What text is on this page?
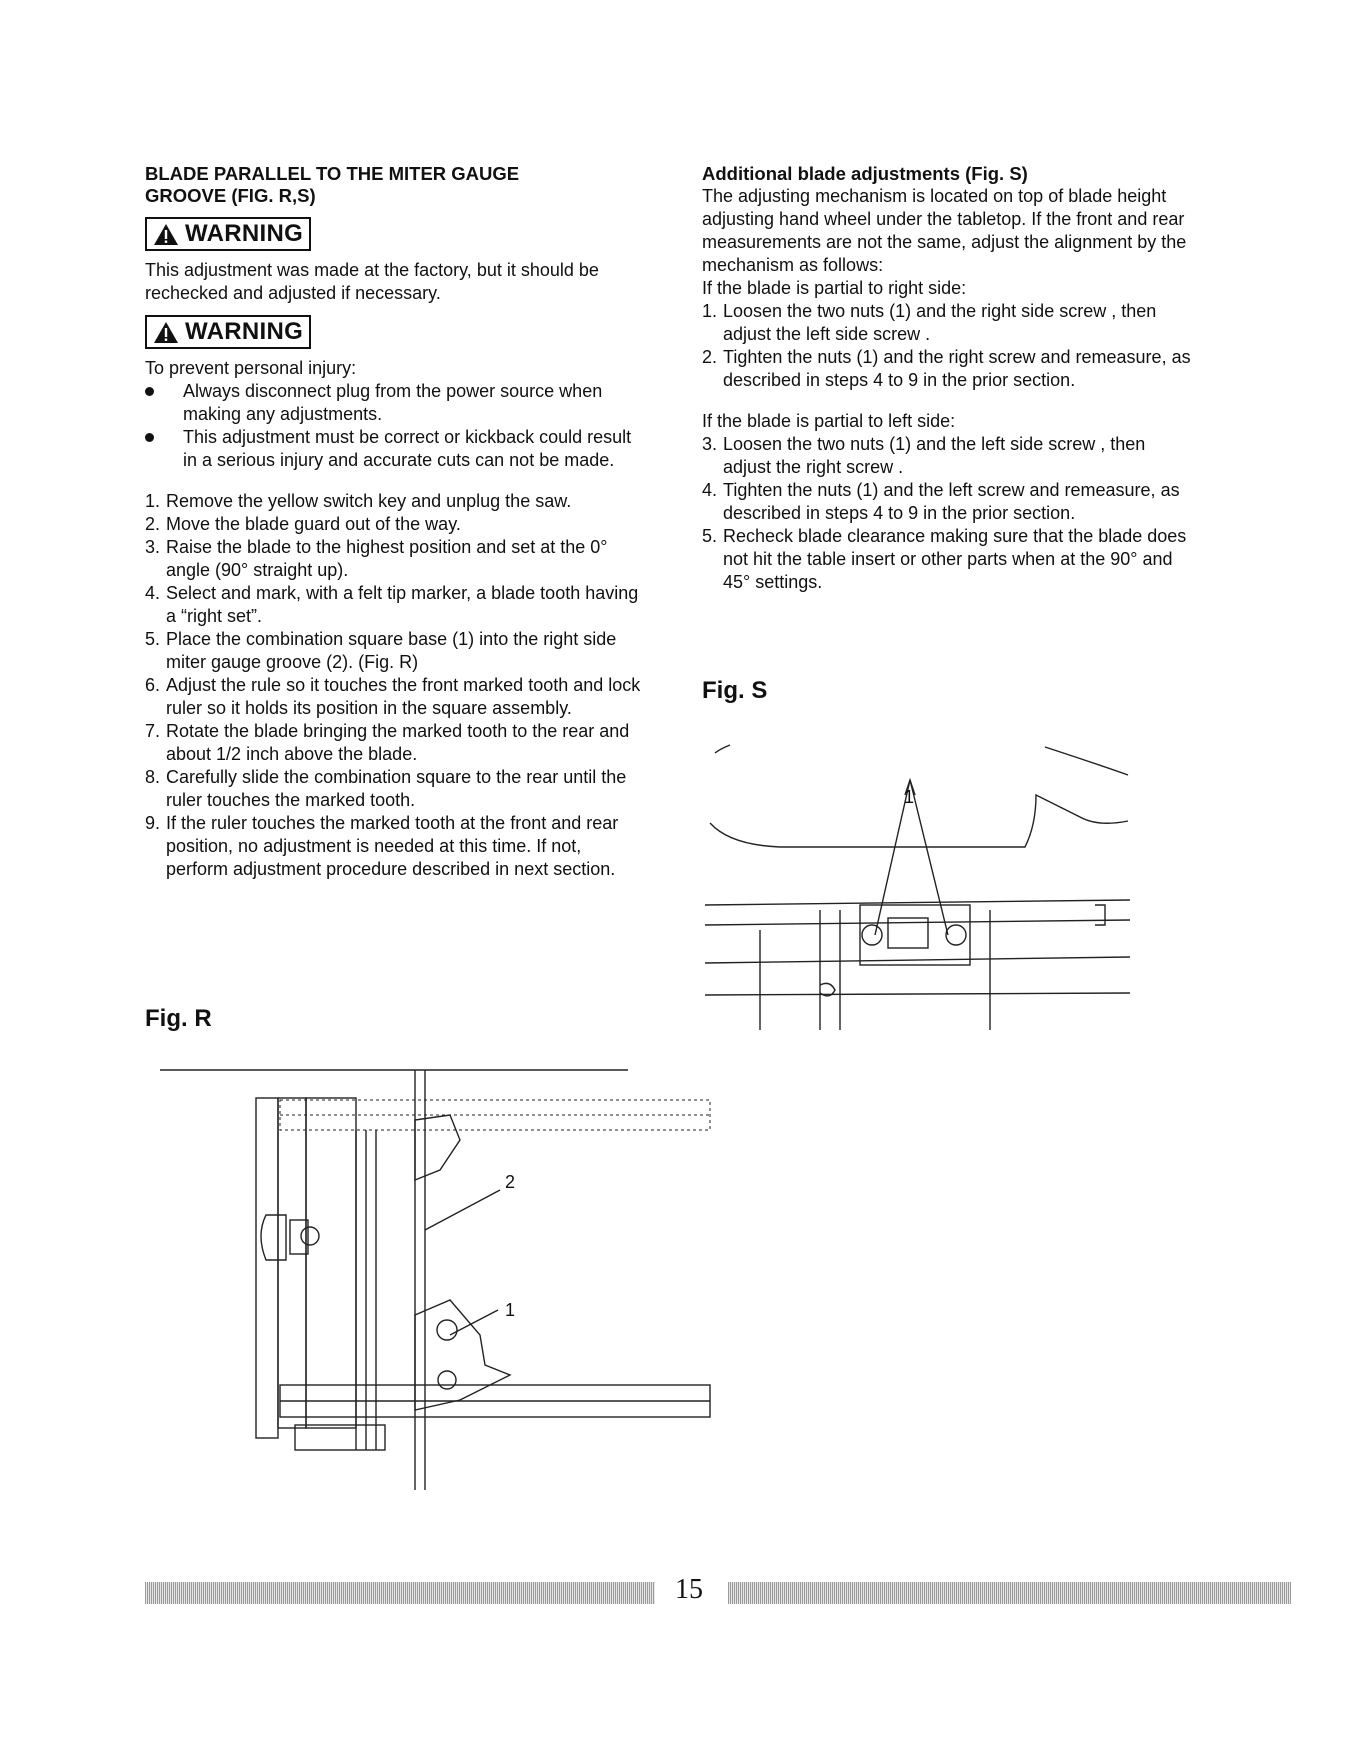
BLADE PARALLEL TO THE MITER GAUGE
GROOVE (FIG. R,S)

WARNING

This adjustment was made at the factory, but it should be rechecked and adjusted if necessary.

WARNING

To prevent personal injury:

Always disconnect plug from the power source when making any adjustments.
This adjustment must be correct or kickback could result in a serious injury and accurate cuts can not be made.
1. Remove the yellow switch key and unplug the saw.
2. Move the blade guard out of the way.
3. Raise the blade to the highest position and set at the 0° angle (90° straight up).
4. Select and mark, with a felt tip marker, a blade tooth having a “right set”.
5. Place the combination square base (1) into the right side miter gauge groove (2). (Fig. R)
6. Adjust the rule so it touches the front marked tooth and lock ruler so it holds its position in the square assembly.
7. Rotate the blade bringing the marked tooth to the rear and about 1/2 inch above the blade.
8. Carefully slide the combination square to the rear until the ruler touches the marked tooth.
9. If the ruler touches the marked tooth at the front and rear position, no adjustment is needed at this time. If not, perform adjustment procedure described in next section.

Additional blade adjustments (Fig. S)

The adjusting mechanism is located on top of blade height adjusting hand wheel under the tabletop. If the front and rear measurements are not the same, adjust the alignment by the mechanism as follows:

If the blade is partial to right side:

1. Loosen the two nuts (1) and the right side screw , then adjust the left side screw .
2. Tighten the nuts (1) and the right screw and remeasure, as described in steps 4 to 9 in the prior section.

If the blade is partial to left side:

3. Loosen the two nuts (1) and the left side screw , then adjust the right screw .
4. Tighten the nuts (1) and the left screw and remeasure, as described in steps 4 to 9 in the prior section.
5. Recheck blade clearance making sure that the blade does not hit the table insert or other parts when at the 90° and 45° settings.
Fig. R
Fig. S
2
1
1
15
